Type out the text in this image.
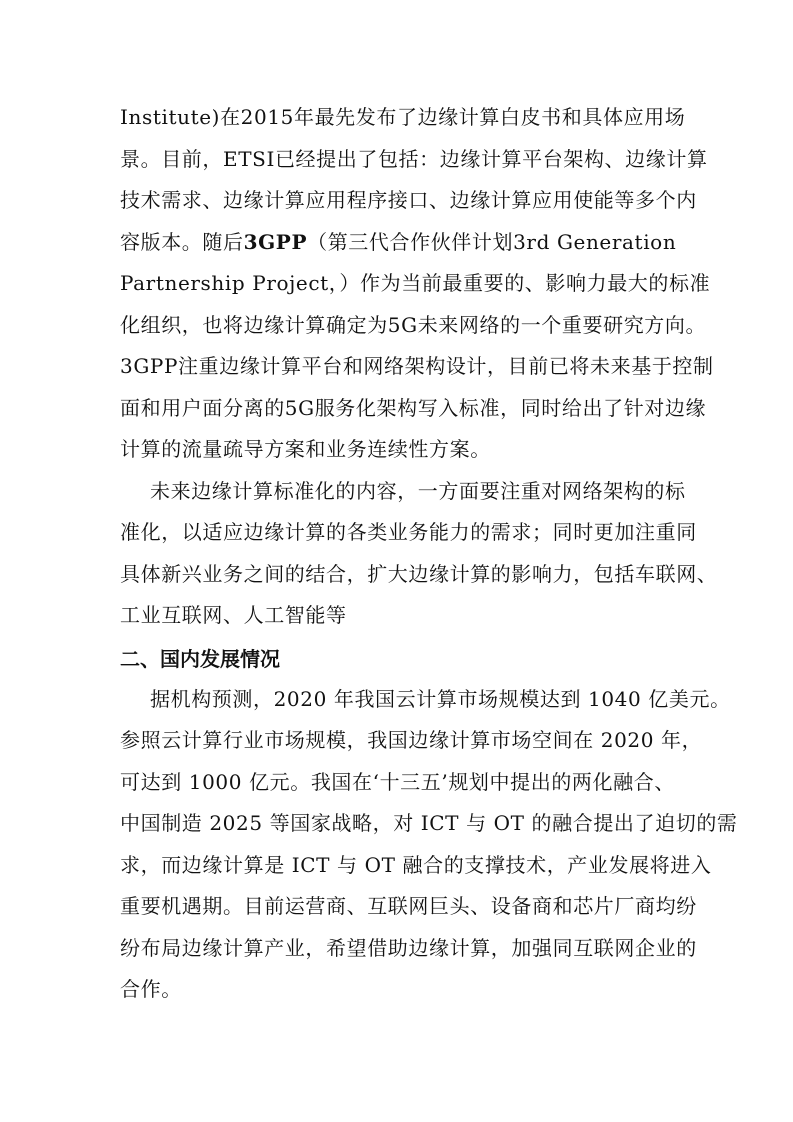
Institute)在2015年最先发布了边缘计算白皮书和具体应用场
景。目前，ETSI已经提出了包括：边缘计算平台架构、边缘计算
技术需求、边缘计算应用程序接口、边缘计算应用使能等多个内
容版本。随后3GPP（第三代合作伙伴计划3rd Generation
Partnership Project，）作为当前最重要的、影响力最大的标准
化组织，也将边缘计算确定为5G未来网络的一个重要研究方向。
3GPP注重边缘计算平台和网络架构设计，目前已将未来基于控制
面和用户面分离的5G服务化架构写入标准，同时给出了针对边缘
计算的流量疏导方案和业务连续性方案。
未来边缘计算标准化的内容，一方面要注重对网络架构的标
准化，以适应边缘计算的各类业务能力的需求；同时更加注重同
具体新兴业务之间的结合，扩大边缘计算的影响力，包括车联网、
工业互联网、人工智能等
二、国内发展情况
据机构预测，2020 年我国云计算市场规模达到 1040 亿美元。
参照云计算行业市场规模，我国边缘计算市场空间在 2020 年，
可达到 1000 亿元。我国在‘十三五’规划中提出的两化融合、
中国制造 2025 等国家战略，对 ICT 与 OT 的融合提出了迫切的需
求，而边缘计算是 ICT 与 OT 融合的支撑技术，产业发展将进入
重要机遇期。目前运营商、互联网巨头、设备商和芯片厂商均纷
纷布局边缘计算产业，希望借助边缘计算，加强同互联网企业的
合作。
